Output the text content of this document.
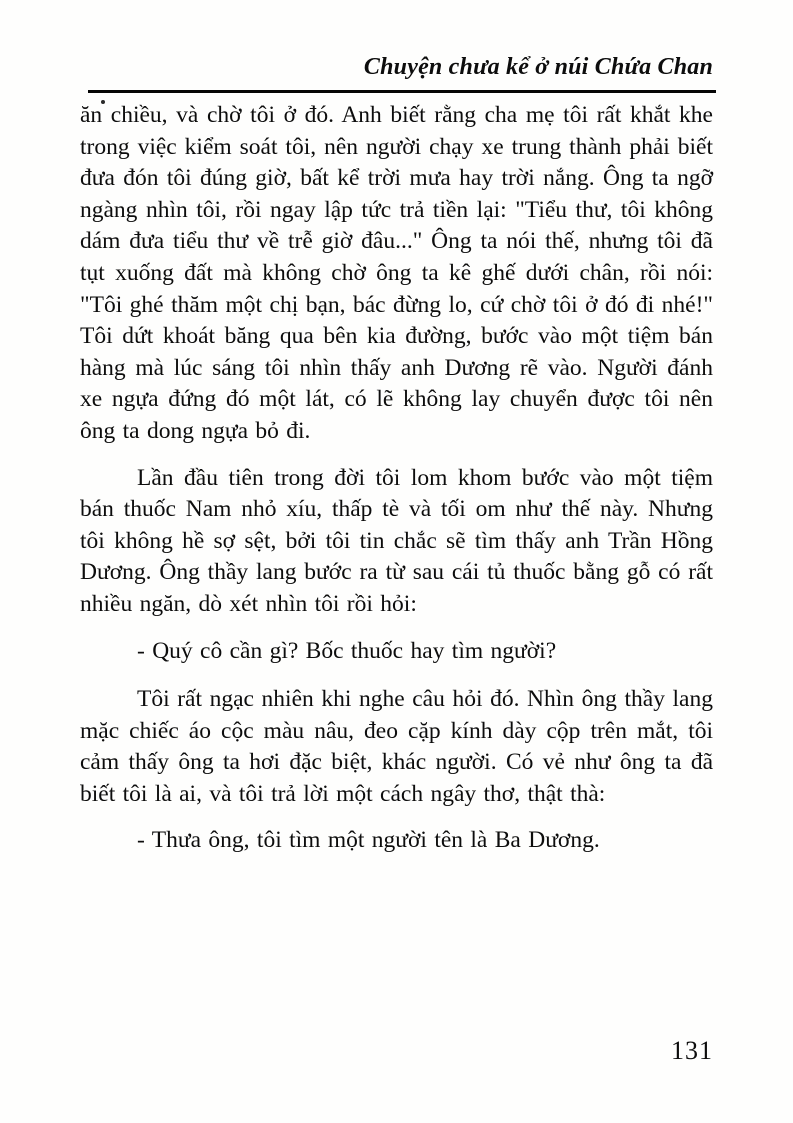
Chuyện chưa kể ở núi Chứa Chan

ăn chiều, và chờ tôi ở đó. Anh biết rằng cha mẹ tôi rất khắt khe trong việc kiểm soát tôi, nên người chạy xe trung thành phải biết đưa đón tôi đúng giờ, bất kể trời mưa hay trời nắng. Ông ta ngỡ ngàng nhìn tôi, rồi ngay lập tức trả tiền lại: "Tiểu thư, tôi không dám đưa tiểu thư về trễ giờ đâu..." Ông ta nói thế, nhưng tôi đã tụt xuống đất mà không chờ ông ta kê ghế dưới chân, rồi nói: "Tôi ghé thăm một chị bạn, bác đừng lo, cứ chờ tôi ở đó đi nhé!" Tôi dứt khoát băng qua bên kia đường, bước vào một tiệm bán hàng mà lúc sáng tôi nhìn thấy anh Dương rẽ vào. Người đánh xe ngựa đứng đó một lát, có lẽ không lay chuyển được tôi nên ông ta dong ngựa bỏ đi.

Lần đầu tiên trong đời tôi lom khom bước vào một tiệm bán thuốc Nam nhỏ xíu, thấp tè và tối om như thế này. Nhưng tôi không hề sợ sệt, bởi tôi tin chắc sẽ tìm thấy anh Trần Hồng Dương. Ông thầy lang bước ra từ sau cái tủ thuốc bằng gỗ có rất nhiều ngăn, dò xét nhìn tôi rồi hỏi:

- Quý cô cần gì? Bốc thuốc hay tìm người?

Tôi rất ngạc nhiên khi nghe câu hỏi đó. Nhìn ông thầy lang mặc chiếc áo cộc màu nâu, đeo cặp kính dày cộp trên mắt, tôi cảm thấy ông ta hơi đặc biệt, khác người. Có vẻ như ông ta đã biết tôi là ai, và tôi trả lời một cách ngây thơ, thật thà:

- Thưa ông, tôi tìm một người tên là Ba Dương.

131
